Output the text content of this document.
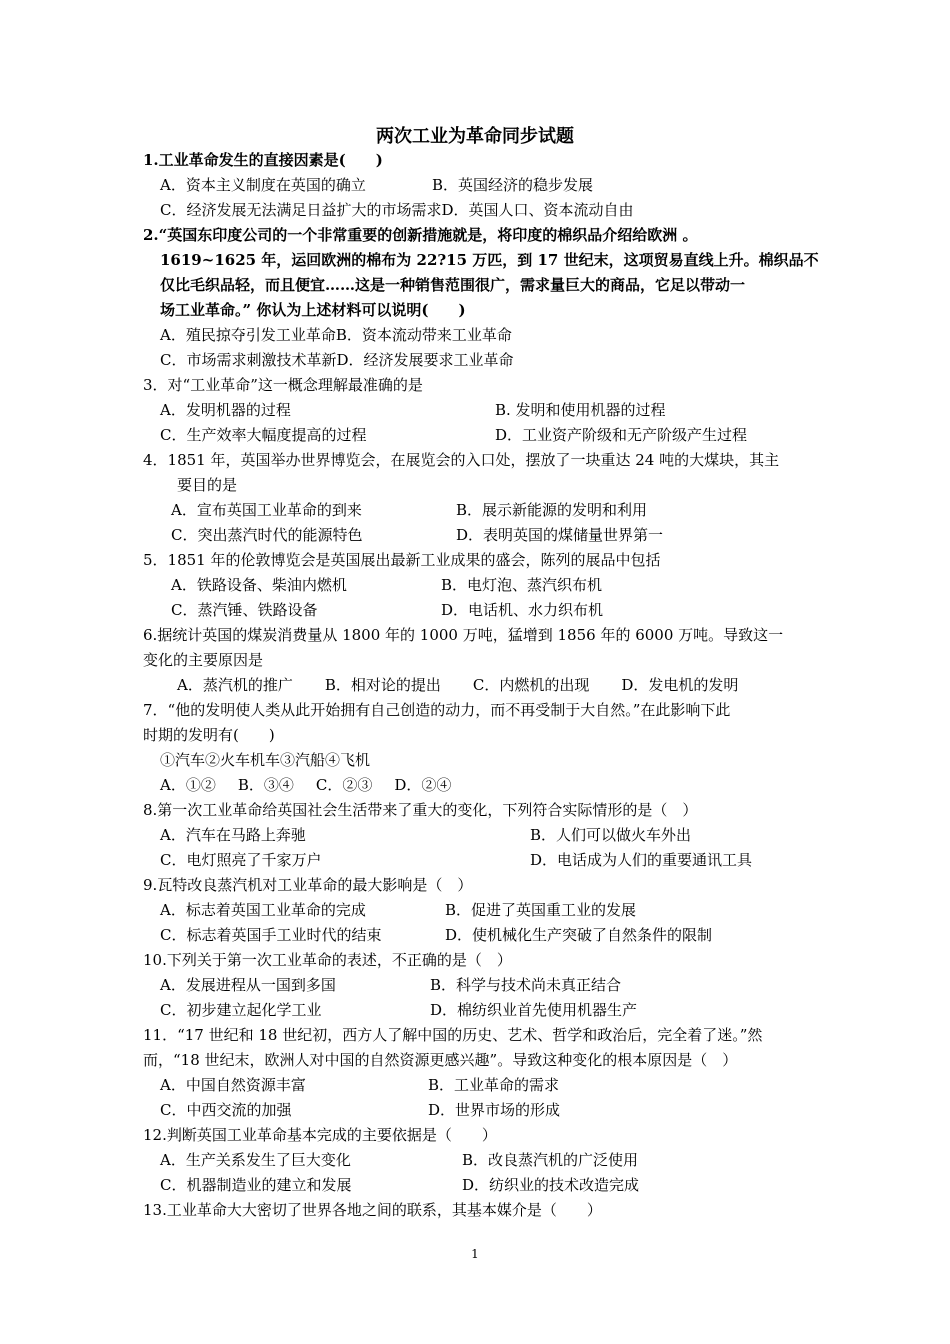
两次工业为革命同步试题
1.工业革命发生的直接因素是(　　)
A．资本主义制度在英国的确立	B．英国经济的稳步发展
C．经济发展无法满足日益扩大的市场需求D．英国人口、资本流动自由
2.“英国东印度公司的一个非常重要的创新措施就是，将印度的棉织品介绍给欧洲 。
1619~1625 年，运回欧洲的棉布为 22?15 万匹，到 17 世纪末，这项贸易直线上升。棉织品不
仅比毛织品轻，而且便宜……这是一种销售范围很广，需求量巨大的商品，它足以带动一
场工业革命。” 你认为上述材料可以说明(　　)
A．殖民掠夺引发工业革命B．资本流动带来工业革命
C．市场需求刺激技术革新D．经济发展要求工业革命
3．对“工业革命”这一概念理解最准确的是
A．发明机器的过程	B. 发明和使用机器的过程
C．生产效率大幅度提高的过程	D．工业资产阶级和无产阶级产生过程
4．1851 年，英国举办世界博览会，在展览会的入口处，摆放了一块重达 24 吨的大煤块，其主
要目的是
A．宣布英国工业革命的到来	B．展示新能源的发明和利用
C．突出蒸汽时代的能源特色	D．表明英国的煤储量世界第一
5．1851 年的伦敦博览会是英国展出最新工业成果的盛会，陈列的展品中包括
A．铁路设备、柴油内燃机	B．电灯泡、蒸汽织布机
C．蒸汽锤、铁路设备	D．电话机、水力织布机
6.据统计英国的煤炭消费量从 1800 年的 1000 万吨，猛增到 1856 年的 6000 万吨。导致这一
变化的主要原因是
A．蒸汽机的推广 B．相对论的提出 C．内燃机的出现 D．发电机的发明
7．“他的发明使人类从此开始拥有自己创造的动力，而不再受制于大自然。”在此影响下此
时期的发明有(　　)
①汽车②火车机车③汽船④飞机
A．①② B．③④ C．②③ D．②④
8.第一次工业革命给英国社会生活带来了重大的变化，下列符合实际情形的是（　）
A．汽车在马路上奔驰	B．人们可以做火车外出
C．电灯照亮了千家万户	D．电话成为人们的重要通讯工具
9.瓦特改良蒸汽机对工业革命的最大影响是（　）
A．标志着英国工业革命的完成	B．促进了英国重工业的发展
C．标志着英国手工业时代的结束	D．使机械化生产突破了自然条件的限制
10.下列关于第一次工业革命的表述，不正确的是（　）
A．发展进程从一国到多国	B．科学与技术尚未真正结合
C．初步建立起化学工业	D．棉纺织业首先使用机器生产
11．“17 世纪和 18 世纪初，西方人了解中国的历史、艺术、哲学和政治后，完全着了迷。”然
而，“18 世纪末，欧洲人对中国的自然资源更感兴趣”。导致这种变化的根本原因是（　）
A．中国自然资源丰富	B．工业革命的需求
C．中西交流的加强	D．世界市场的形成
12.判断英国工业革命基本完成的主要依据是（　　）
A．生产关系发生了巨大变化	B．改良蒸汽机的广泛使用
C．机器制造业的建立和发展	D．纺织业的技术改造完成
13.工业革命大大密切了世界各地之间的联系，其基本媒介是（　　）
1
